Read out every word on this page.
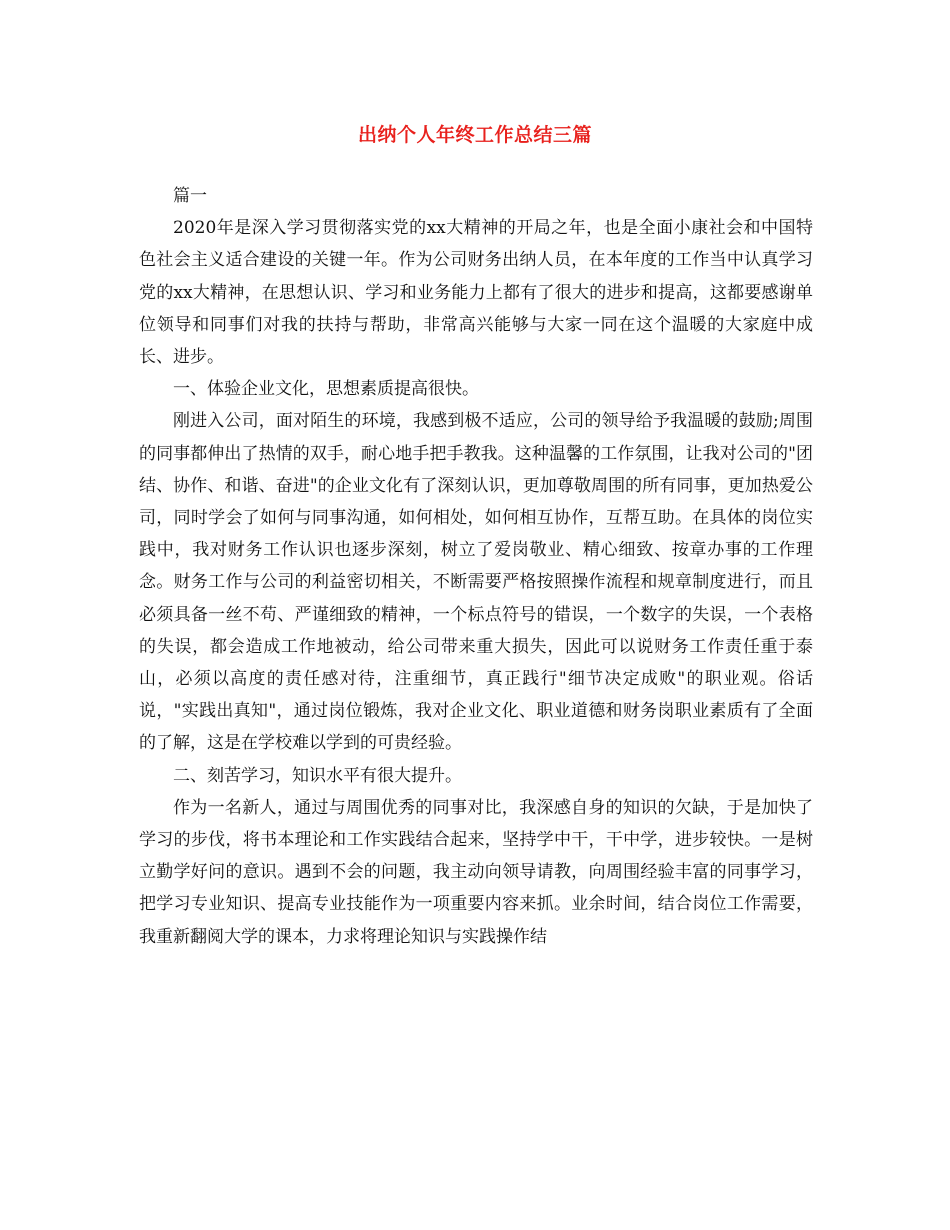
出纳个人年终工作总结三篇

篇一

2020年是深入学习贯彻落实党的xx大精神的开局之年，也是全面小康社会和中国特色社会主义适合建设的关键一年。作为公司财务出纳人员，在本年度的工作当中认真学习党的xx大精神，在思想认识、学习和业务能力上都有了很大的进步和提高，这都要感谢单位领导和同事们对我的扶持与帮助，非常高兴能够与大家一同在这个温暖的大家庭中成长、进步。

一、体验企业文化，思想素质提高很快。

刚进入公司，面对陌生的环境，我感到极不适应，公司的领导给予我温暖的鼓励;周围的同事都伸出了热情的双手，耐心地手把手教我。这种温馨的工作氛围，让我对公司的"团结、协作、和谐、奋进"的企业文化有了深刻认识，更加尊敬周围的所有同事，更加热爱公司，同时学会了如何与同事沟通，如何相处，如何相互协作，互帮互助。在具体的岗位实践中，我对财务工作认识也逐步深刻，树立了爱岗敬业、精心细致、按章办事的工作理念。财务工作与公司的利益密切相关，不断需要严格按照操作流程和规章制度进行，而且必须具备一丝不苟、严谨细致的精神，一个标点符号的错误，一个数字的失误，一个表格的失误，都会造成工作地被动，给公司带来重大损失，因此可以说财务工作责任重于泰山，必须以高度的责任感对待，注重细节，真正践行"细节决定成败"的职业观。俗话说，"实践出真知"，通过岗位锻炼，我对企业文化、职业道德和财务岗职业素质有了全面的了解，这是在学校难以学到的可贵经验。

二、刻苦学习，知识水平有很大提升。

作为一名新人，通过与周围优秀的同事对比，我深感自身的知识的欠缺，于是加快了学习的步伐，将书本理论和工作实践结合起来，坚持学中干，干中学，进步较快。一是树立勤学好问的意识。遇到不会的问题，我主动向领导请教，向周围经验丰富的同事学习，把学习专业知识、提高专业技能作为一项重要内容来抓。业余时间，结合岗位工作需要，我重新翻阅大学的课本，力求将理论知识与实践操作结
